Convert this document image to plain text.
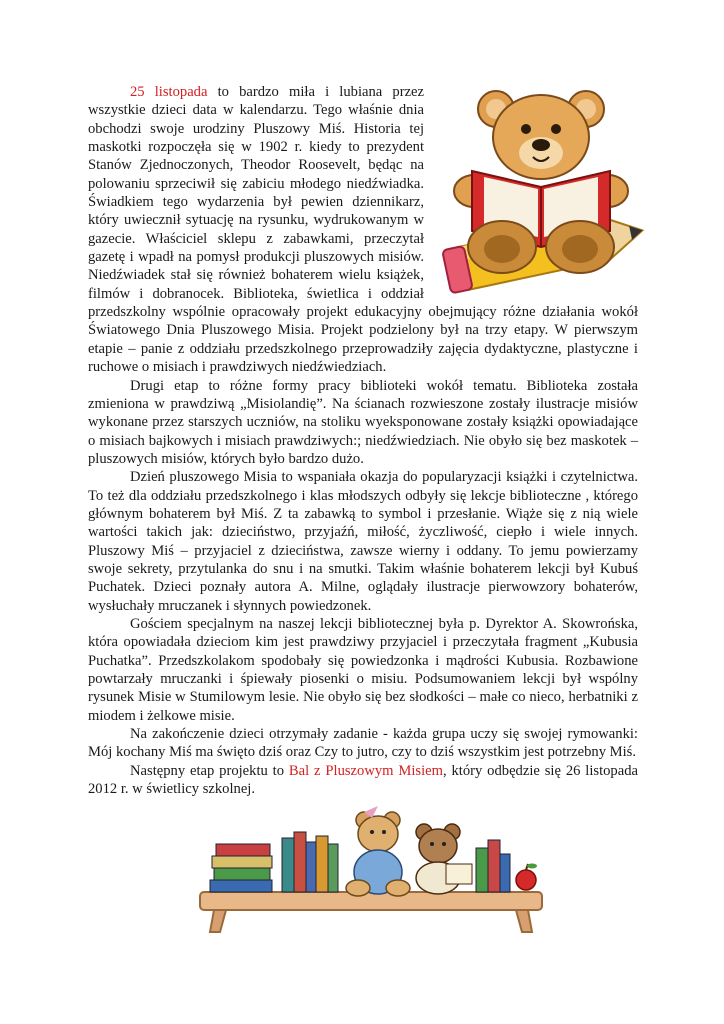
25 listopada to bardzo miła i lubiana przez wszystkie dzieci data w kalendarzu. Tego właśnie dnia obchodzi swoje urodziny Pluszowy Miś. Historia tej maskotki rozpoczęła się w 1902 r. kiedy to prezydent Stanów Zjednoczonych, Theodor Roosevelt, będąc na polowaniu sprzeciwił się zabiciu młodego niedźwiadka. Świadkiem tego wydarzenia był pewien dziennikarz, który uwiecznił sytuację na rysunku, wydrukowanym w gazecie. Właściciel sklepu z zabawkami, przeczytał gazetę i wpadł na pomysł produkcji pluszowych misiów. Niedźwiadek stał się również bohaterem wielu książek, filmów i dobranocek. Biblioteka, świetlica i oddział przedszkolny wspólnie opracowały projekt edukacyjny obejmujący różne działania wokół Światowego Dnia Pluszowego Misia. Projekt podzielony był na trzy etapy. W pierwszym etapie – panie z oddziału przedszkolnego przeprowadziły zajęcia dydaktyczne, plastyczne i ruchowe o misiach i prawdziwych niedźwiedziach.

Drugi etap to różne formy pracy biblioteki wokół tematu. Biblioteka została zmieniona w prawdziwą „Misiolandię”. Na ścianach rozwieszone zostały ilustracje misiów wykonane przez starszych uczniów, na stoliku wyeksponowane zostały książki opowiadające o misiach bajkowych i misiach prawdziwych:; niedźwiedziach. Nie obyło się bez maskotek – pluszowych misiów, których było bardzo dużo.

Dzień pluszowego Misia to wspaniała okazja do popularyzacji książki i czytelnictwa. To też dla oddziału przedszkolnego i klas młodszych odbyły się lekcje biblioteczne , którego głównym bohaterem był Miś. Z ta zabawką to symbol i przesłanie. Wiąże się z nią wiele wartości takich jak: dzieciństwo, przyjaźń, miłość, życzliwość, ciepło i wiele innych. Pluszowy Miś – przyjaciel z dzieciństwa, zawsze wierny i oddany. To jemu powierzamy swoje sekrety, przytulanka do snu i na smutki. Takim właśnie bohaterem lekcji był Kubuś Puchatek. Dzieci poznały autora A. Milne, oglądały ilustracje pierwowzory bohaterów, wysłuchały mruczanek i słynnych powiedzonek.

Gościem specjalnym na naszej lekcji bibliotecznej była p. Dyrektor A. Skowrońska, która opowiadała dzieciom kim jest prawdziwy przyjaciel i przeczytała fragment „Kubusia Puchatka”. Przedszkolakom spodobały się powiedzonka i mądrości Kubusia. Rozbawione powtarzały mruczanki i śpiewały piosenki o misiu. Podsumowaniem lekcji był wspólny rysunek Misie w Stumilowym lesie. Nie obyło się bez słodkości – małe co nieco, herbatniki z miodem i żelkowe misie.

Na zakończenie dzieci otrzymały zadanie - każda grupa uczy się swojej rymowanki: Mój kochany Miś ma święto dziś oraz Czy to jutro, czy to dziś wszystkim jest potrzebny Miś.

Następny etap projektu to Bal z Pluszowym Misiem, który odbędzie się 26 listopada 2012 r. w świetlicy szkolnej.
